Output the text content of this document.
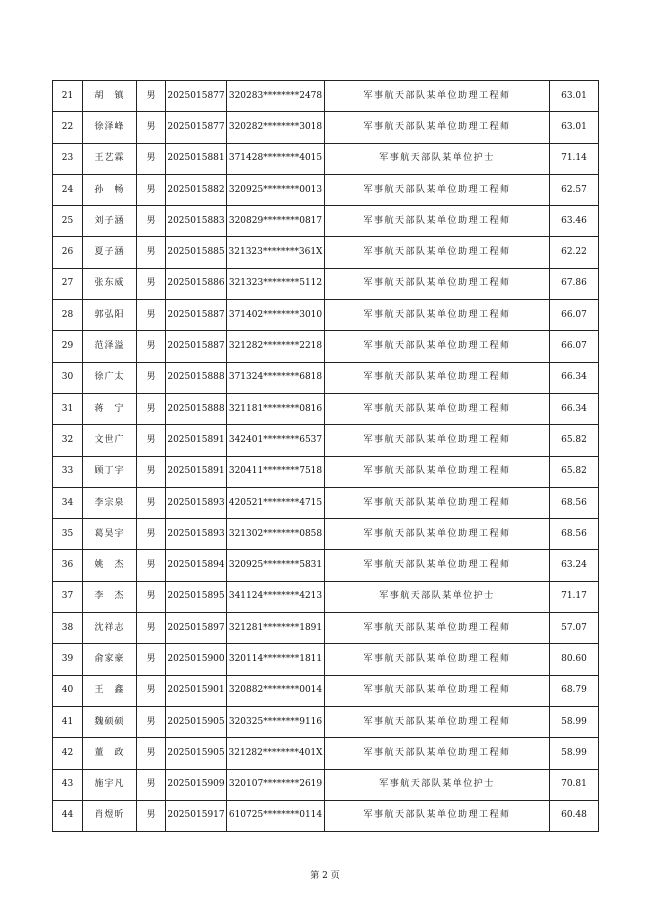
21	胡　镇	男	2025015877	320283********2478	军事航天部队某单位助理工程师	63.01
22	徐泽峰	男	2025015877	320282********3018	军事航天部队某单位助理工程师	63.01
23	王艺霖	男	2025015881	371428********4015	军事航天部队某单位护士	71.14
24	孙　畅	男	2025015882	320925********0013	军事航天部队某单位助理工程师	62.57
25	刘子涵	男	2025015883	320829********0817	军事航天部队某单位助理工程师	63.46
26	夏子涵	男	2025015885	321323********361X	军事航天部队某单位助理工程师	62.22
27	张东威	男	2025015886	321323********5112	军事航天部队某单位助理工程师	67.86
28	郭弘阳	男	2025015887	371402********3010	军事航天部队某单位助理工程师	66.07
29	范泽溢	男	2025015887	321282********2218	军事航天部队某单位助理工程师	66.07
30	徐广太	男	2025015888	371324********6818	军事航天部队某单位助理工程师	66.34
31	蒋　宁	男	2025015888	321181********0816	军事航天部队某单位助理工程师	66.34
32	文世广	男	2025015891	342401********6537	军事航天部队某单位助理工程师	65.82
33	顾丁宇	男	2025015891	320411********7518	军事航天部队某单位助理工程师	65.82
34	李宗泉	男	2025015893	420521********4715	军事航天部队某单位助理工程师	68.56
35	葛昊宇	男	2025015893	321302********0858	军事航天部队某单位助理工程师	68.56
36	姚　杰	男	2025015894	320925********5831	军事航天部队某单位助理工程师	63.24
37	李　杰	男	2025015895	341124********4213	军事航天部队某单位护士	71.17
38	沈祥志	男	2025015897	321281********1891	军事航天部队某单位助理工程师	57.07
39	俞家豪	男	2025015900	320114********1811	军事航天部队某单位助理工程师	80.60
40	王　鑫	男	2025015901	320882********0014	军事航天部队某单位助理工程师	68.79
41	魏硕硕	男	2025015905	320325********9116	军事航天部队某单位助理工程师	58.99
42	董　政	男	2025015905	321282********401X	军事航天部队某单位助理工程师	58.99
43	施宇凡	男	2025015909	320107********2619	军事航天部队某单位护士	70.81
44	肖煜昕	男	2025015917	610725********0114	军事航天部队某单位助理工程师	60.48
第 2 页
